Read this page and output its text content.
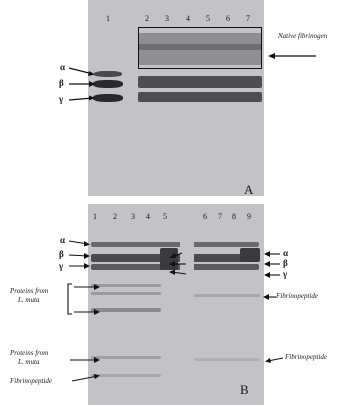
1	2 3 4 5 6 7
α
β
γ
Native fibrinogen
A
1 2 3 4 5	6 7 8 9
α
β
γ
α
β
γ
Proteins from
L. muta
Proteins from
L. muta
Fibrinopeptide
Fibrinopeptide
Fibrinopeptide
B
